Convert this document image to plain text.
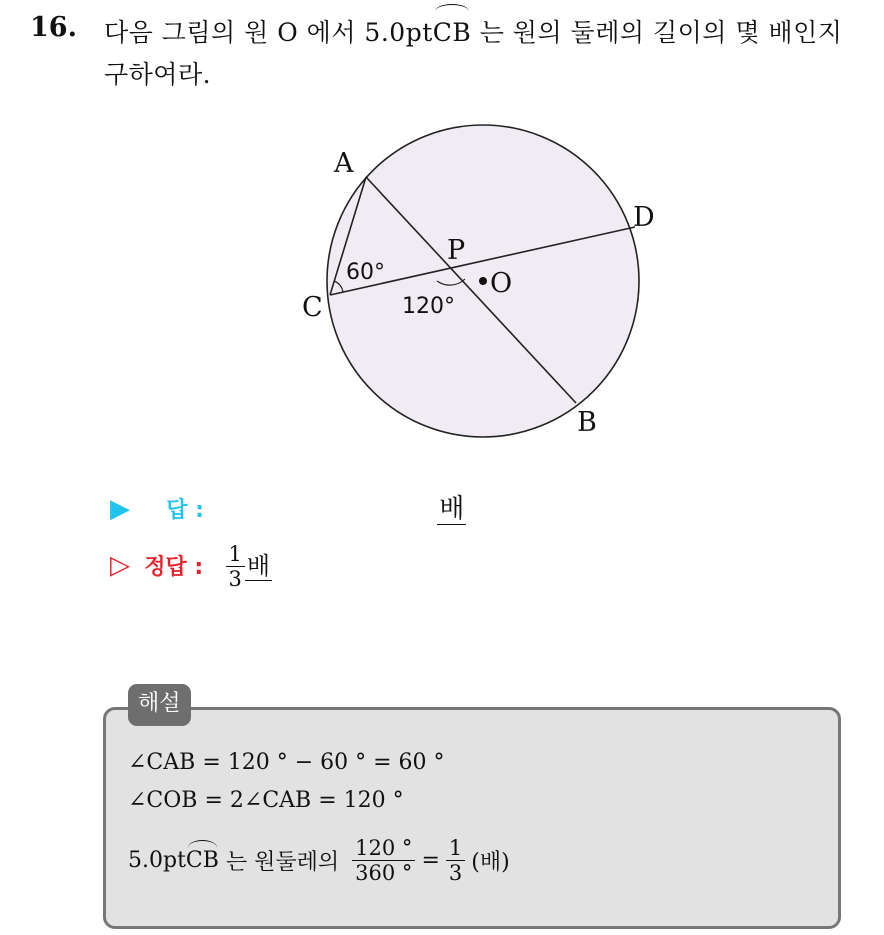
16. 다음 그림의 원 O 에서 5.0ptCB 는 원의 둘레의 길이의 몇 배인지
구하여라.
A
B
C
D
P
O
60°
120°
▶ 답 :	배
▷ 정답 : $\frac{1}{3}$ 배
해설
∠CAB = 120 ° − 60 ° = 60 °
∠COB = 2∠CAB = 120 °
5.0pt CB 는 원둘레의 $\frac{120 ^\circ}{360 ^\circ} = \frac{1}{3}$ (배)
